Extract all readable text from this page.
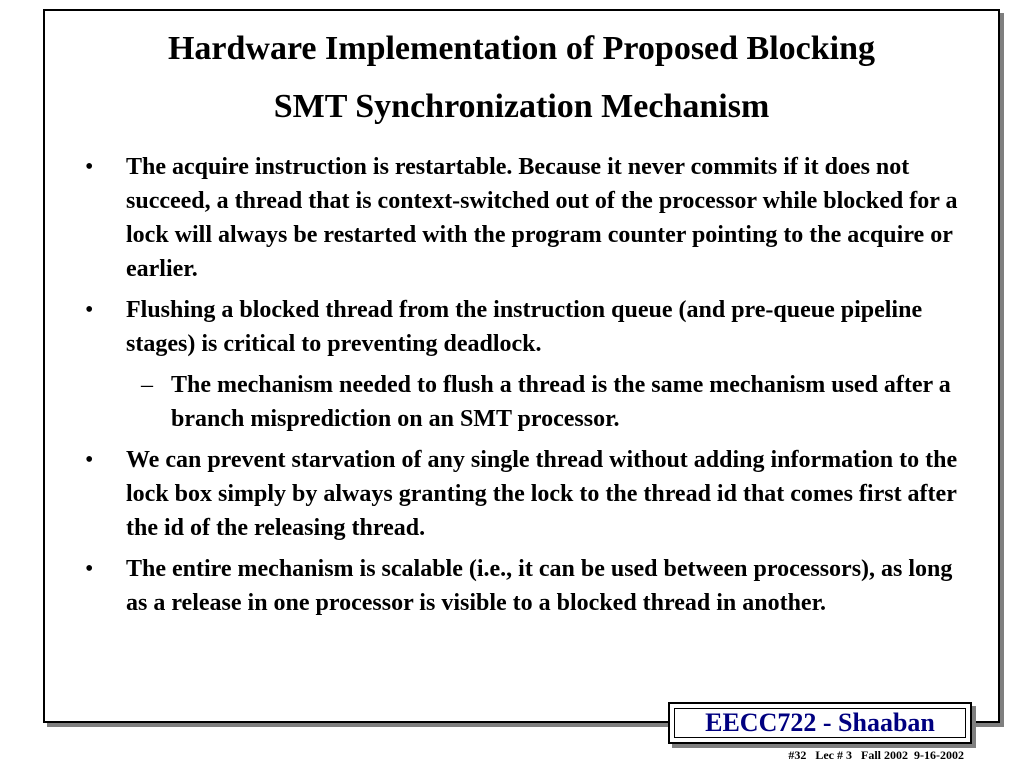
Hardware Implementation of Proposed Blocking
SMT Synchronization Mechanism
• The acquire instruction is restartable. Because it never commits if it does not succeed, a thread that is context-switched out of the processor while blocked for a lock will always be restarted with the program counter pointing to the acquire or earlier.
• Flushing a blocked thread from the instruction queue (and pre-queue pipeline stages) is critical to preventing deadlock.
– The mechanism needed to flush a thread is the same mechanism used after a branch misprediction on an SMT processor.
• We can prevent starvation of any single thread without adding information to the lock box simply by always granting the lock to the thread id that comes first after the id of the releasing thread.
• The entire mechanism is scalable (i.e., it can be used between processors), as long as a release in one processor is visible to a blocked thread in another.
EECC722 - Shaaban
#32   Lec # 3   Fall 2002  9-16-2002
